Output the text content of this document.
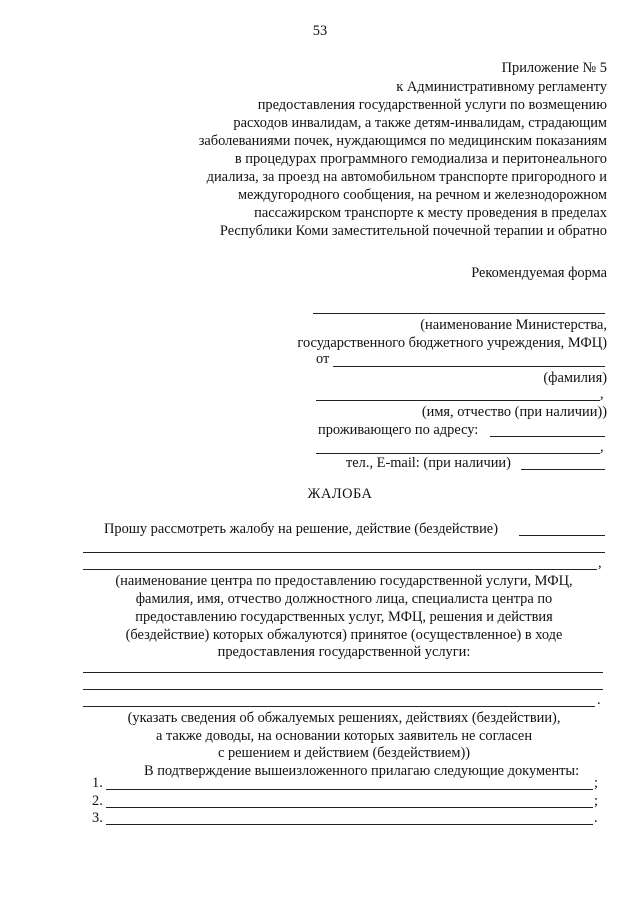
53
Приложение № 5
к Административному регламенту
предоставления государственной услуги по возмещению
расходов инвалидам, а также детям-инвалидам, страдающим
заболеваниями почек, нуждающимся по медицинским показаниям
в процедурах программного гемодиализа и перитонеального
диализа, за проезд на автомобильном транспорте пригородного и
междугородного сообщения, на речном и железнодорожном
пассажирском транспорте к месту проведения в пределах
Республики Коми заместительной почечной терапии и обратно
Рекомендуемая форма
(наименование Министерства,
государственного бюджетного учреждения, МФЦ)
от
(фамилия)
,
(имя, отчество (при наличии))
проживающего по адресу:
,
тел., E-mail: (при наличии)
ЖАЛОБА
Прошу рассмотреть жалобу на решение, действие (бездействие)
,
(наименование центра по предоставлению государственной услуги, МФЦ,
фамилия, имя, отчество должностного лица, специалиста центра по
предоставлению государственных услуг, МФЦ, решения и действия
(бездействие) которых обжалуются) принятое (осуществленное) в ходе
предоставления государственной услуги:
.
(указать сведения об обжалуемых решениях, действиях (бездействии),
а также доводы, на основании которых заявитель не согласен
с решением и действием (бездействием))
В подтверждение вышеизложенного прилагаю следующие документы:
1.	;
2.	;
3.	.
